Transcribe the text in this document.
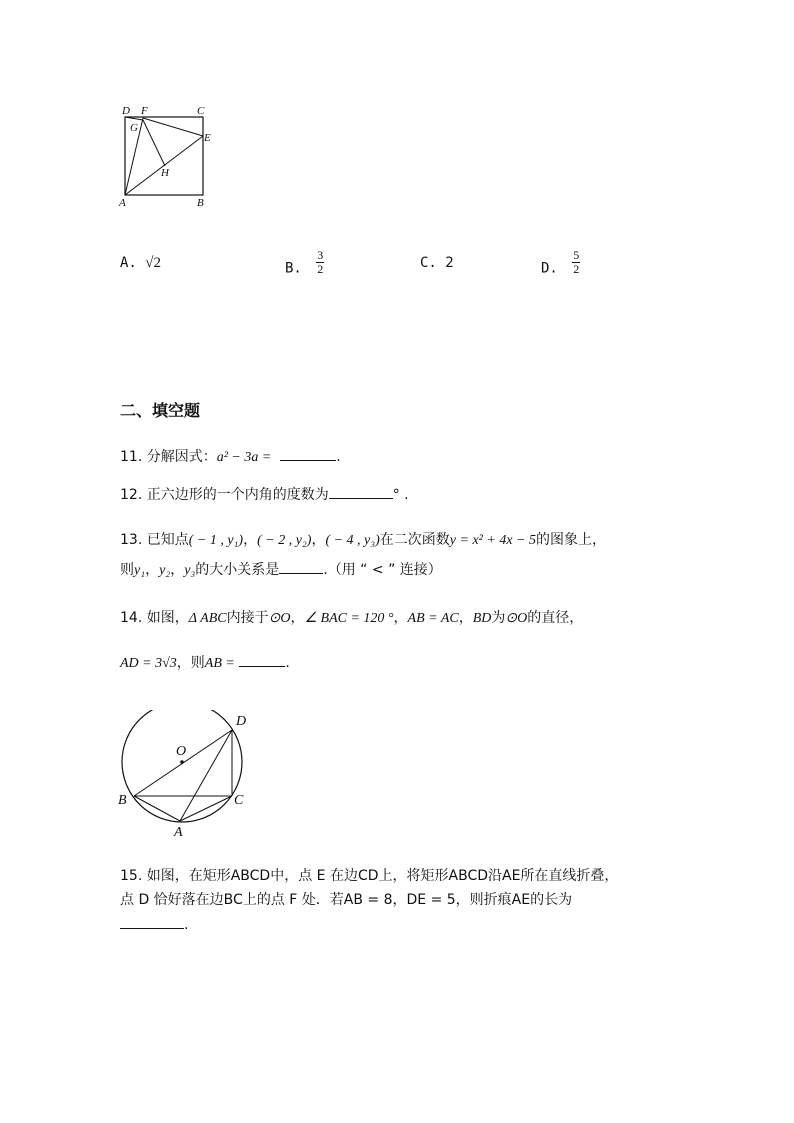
D F	C
G
E
H
A	B
A. √2	B. $\frac{3}{2}$	C. 2	D. $\frac{5}{2}$
二、填空题
11. 分解因式：a² − 3a =	.
12. 正六边形的一个内角的度数为	° .
13. 已知点( − 1 , y₁)，( − 2 , y₂)，( − 4 , y₃)在二次函数y = x² + 4x − 5的图象上，
则y₁，y₂，y₃的大小关系是	.（用 “ < ” 连接）
14. 如图，Δ ABC内接于⊙O，∠ BAC = 120 °，AB = AC，BD为⊙O的直径，
AD = 3√3，则AB =	.
O
D
B	C
A
15. 如图，在矩形ABCD中，点 E 在边CD上，将矩形ABCD沿AE所在直线折叠，
点 D 恰好落在边BC上的点 F 处．若AB = 8，DE = 5，则折痕AE的长为
.
